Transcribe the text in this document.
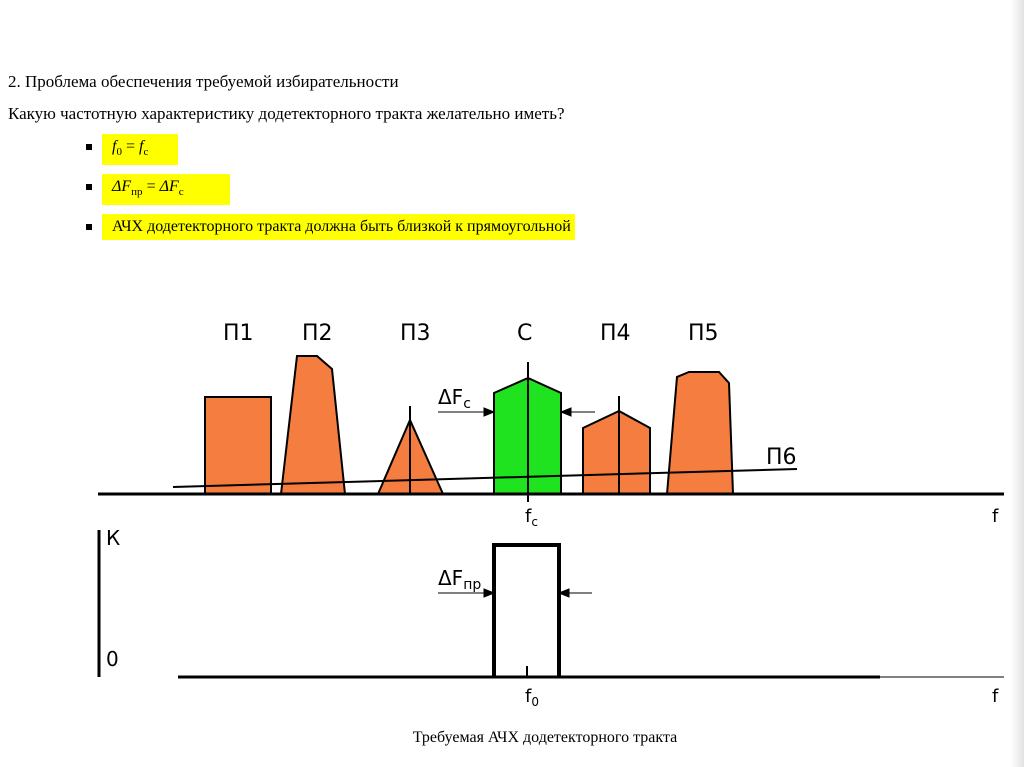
2. Проблема обеспечения требуемой избирательности

Какую частотную характеристику додетекторного тракта желательно иметь?

$f_0 = f_c$
$\Delta F_{пр} = \Delta F_c$
АЧХ додетекторного тракта должна быть близкой к прямоугольной
П1 П2	П3	С	П4	П5
П6
$\Delta F_c$
f
$f_c$
К
0
$\Delta F_{пр}$
$f_0$	f

Требуемая АЧХ додетекторного тракта
